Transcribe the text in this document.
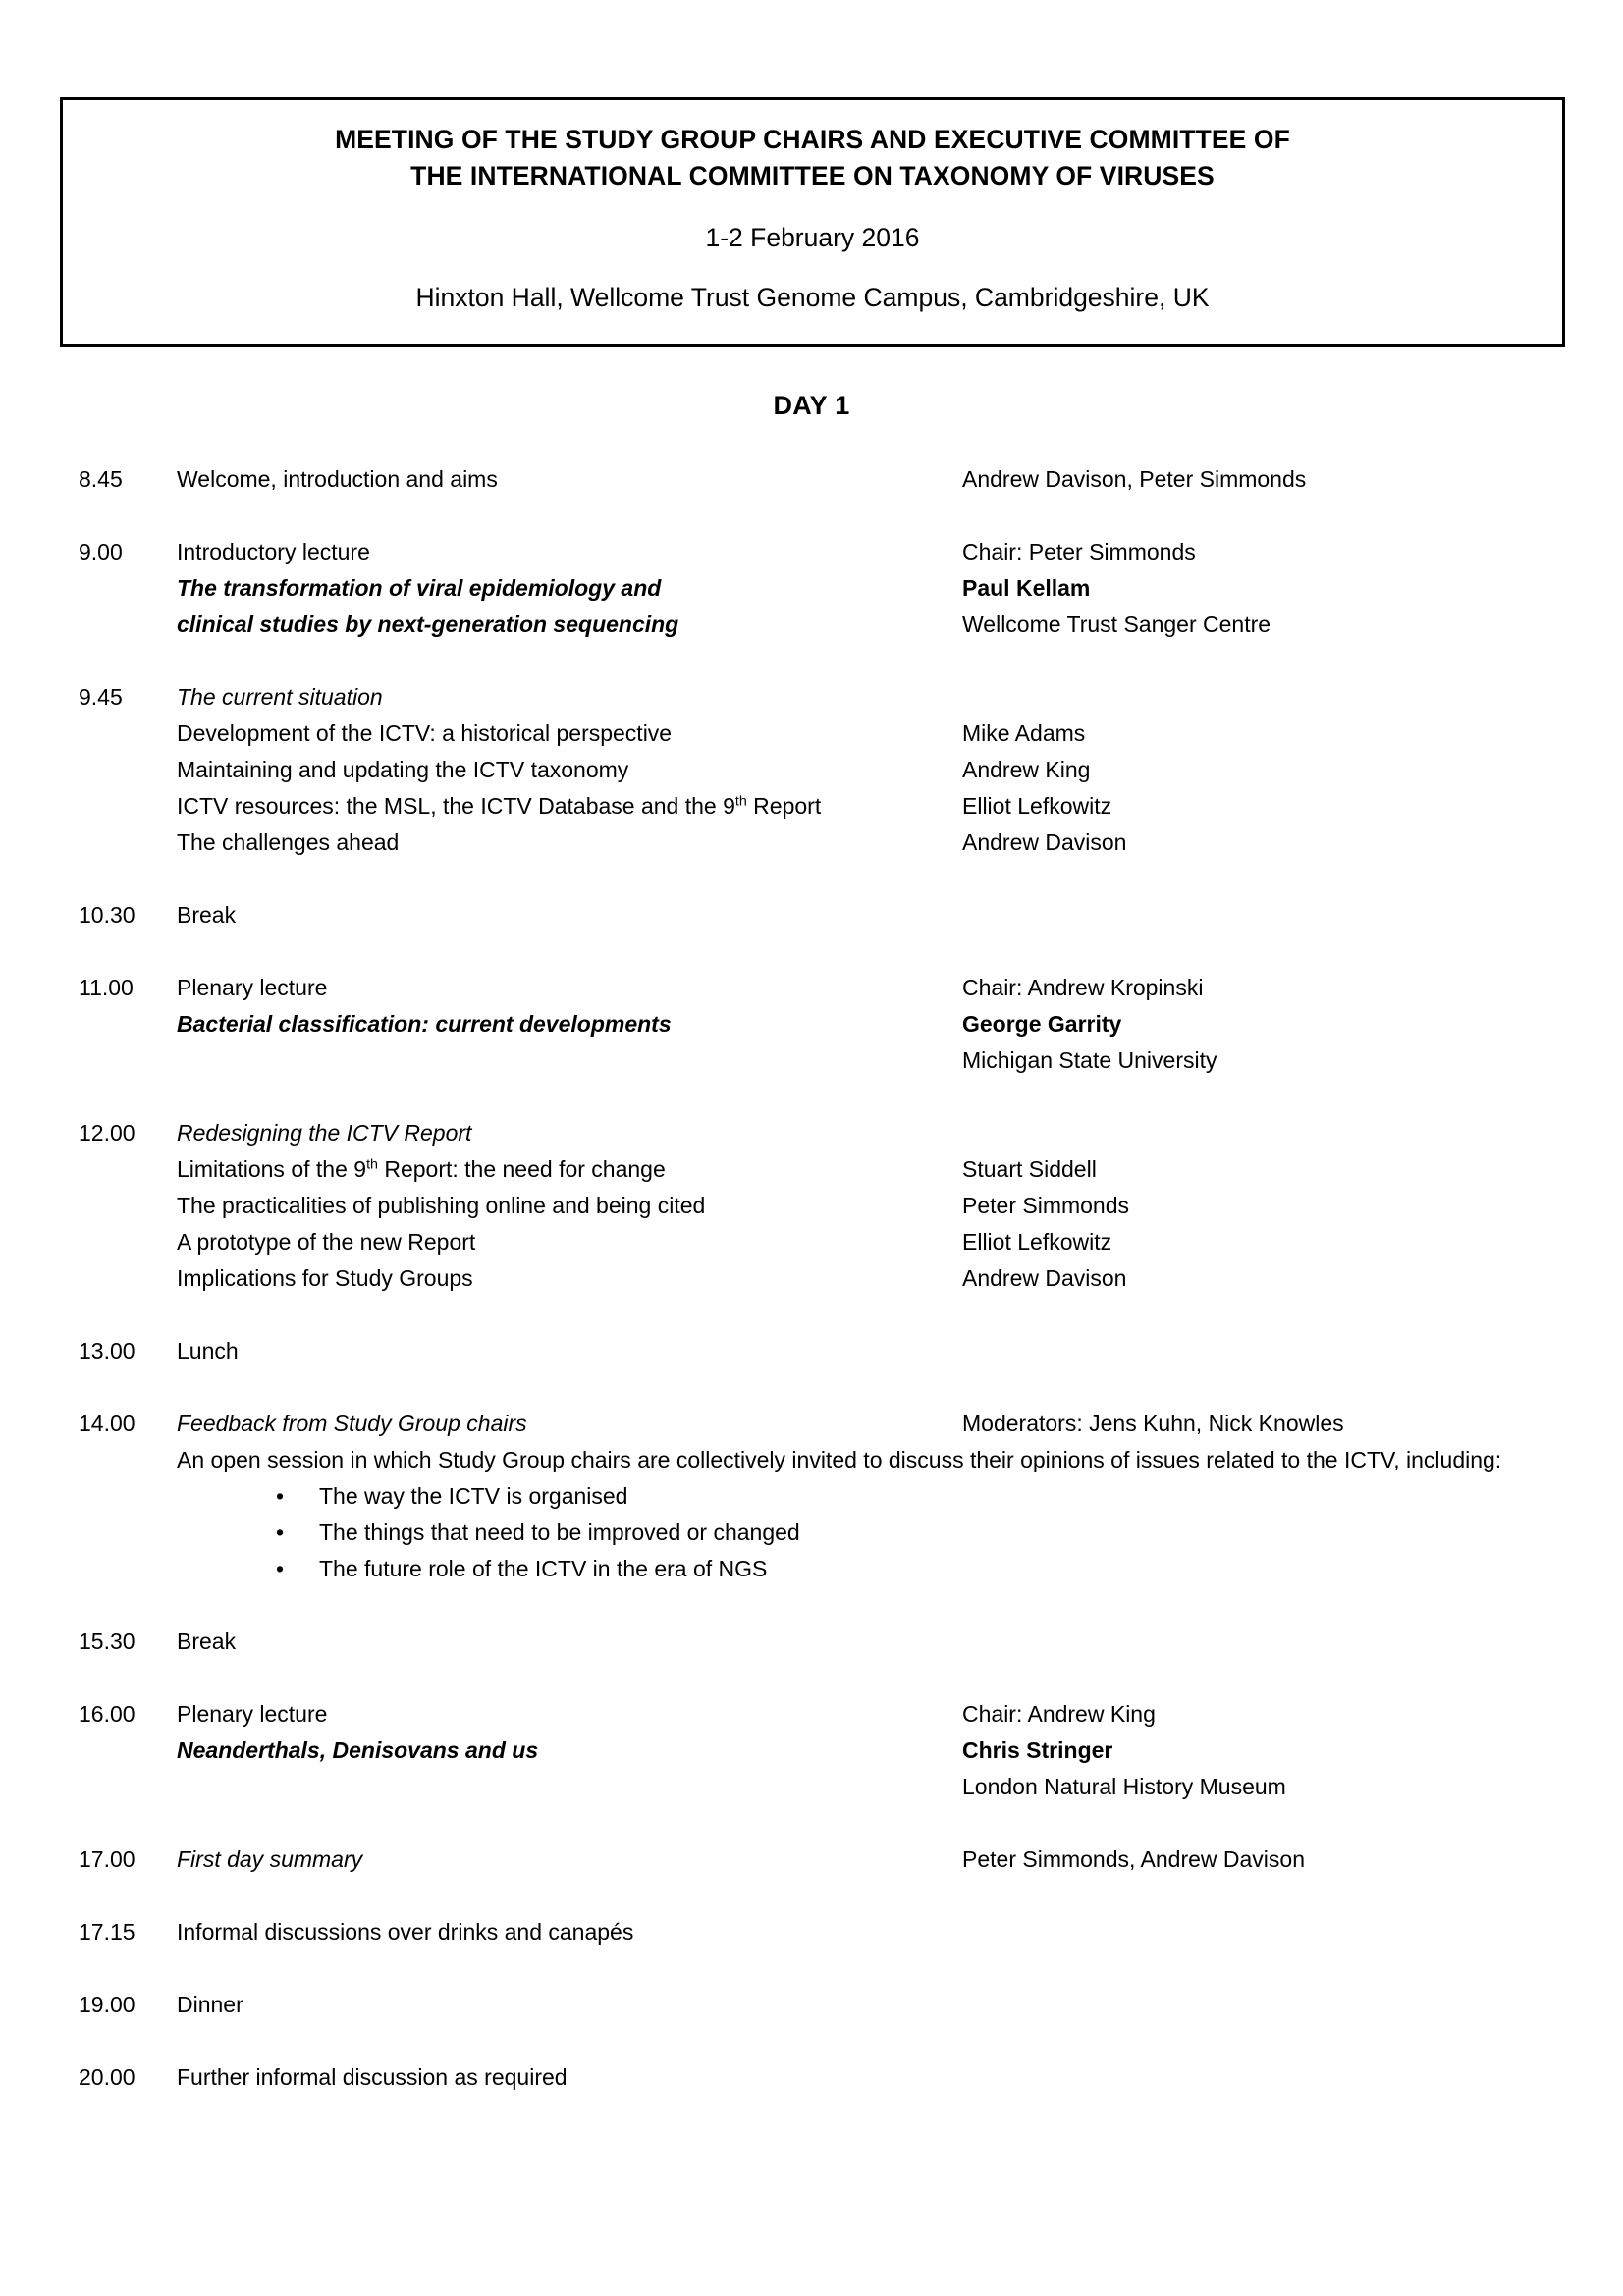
MEETING OF THE STUDY GROUP CHAIRS AND EXECUTIVE COMMITTEE OF
THE INTERNATIONAL COMMITTEE ON TAXONOMY OF VIRUSES
1-2 February 2016
Hinxton Hall, Wellcome Trust Genome Campus, Cambridgeshire, UK
DAY 1
8.45	Welcome, introduction and aims	Andrew Davison, Peter Simmonds
9.00	Introductory lecture	Chair: Peter Simmonds
The transformation of viral epidemiology and	Paul Kellam
clinical studies by next-generation sequencing	Wellcome Trust Sanger Centre
9.45	The current situation
Development of the ICTV: a historical perspective	Mike Adams
Maintaining and updating the ICTV taxonomy	Andrew King
ICTV resources: the MSL, the ICTV Database and the 9th Report	Elliot Lefkowitz
The challenges ahead	Andrew Davison
10.30	Break
11.00	Plenary lecture	Chair: Andrew Kropinski
Bacterial classification: current developments	George Garrity
Michigan State University
12.00	Redesigning the ICTV Report
Limitations of the 9th Report: the need for change	Stuart Siddell
The practicalities of publishing online and being cited	Peter Simmonds
A prototype of the new Report	Elliot Lefkowitz
Implications for Study Groups	Andrew Davison
13.00	Lunch
14.00	Feedback from Study Group chairs	Moderators: Jens Kuhn, Nick Knowles
An open session in which Study Group chairs are collectively invited to discuss their opinions of issues related to the ICTV, including:
• The way the ICTV is organised
• The things that need to be improved or changed
• The future role of the ICTV in the era of NGS
15.30	Break
16.00	Plenary lecture	Chair: Andrew King
Neanderthals, Denisovans and us	Chris Stringer
London Natural History Museum
17.00	First day summary	Peter Simmonds, Andrew Davison
17.15	Informal discussions over drinks and canapés
19.00	Dinner
20.00	Further informal discussion as required
